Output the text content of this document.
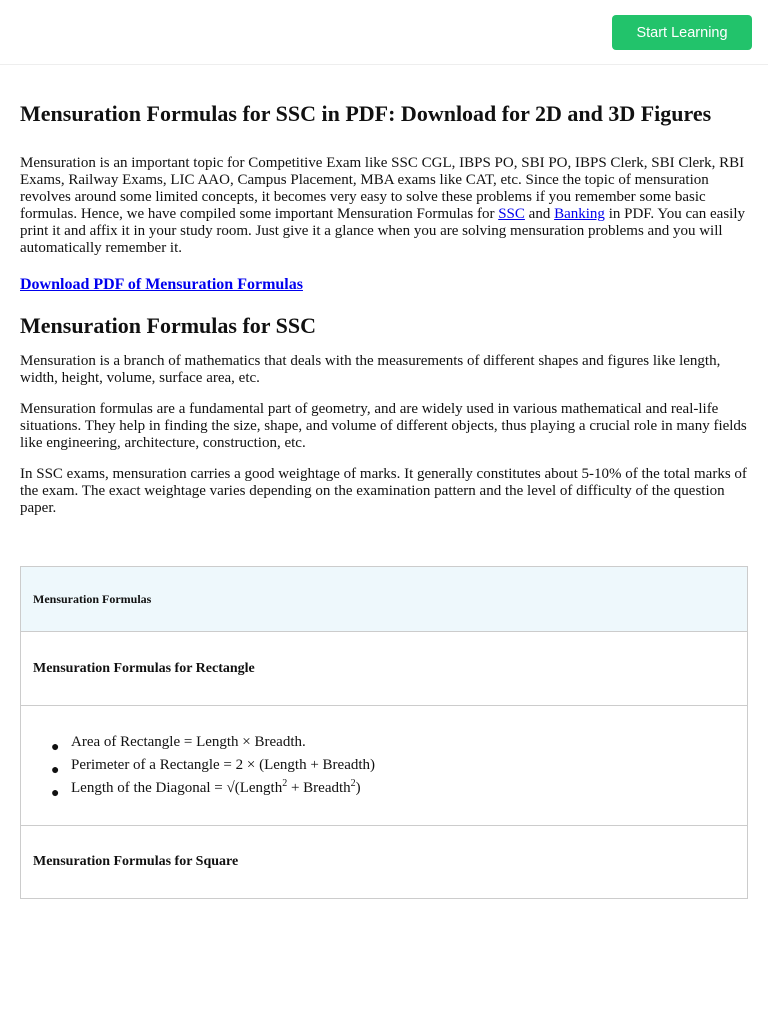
Start Learning
Mensuration Formulas for SSC in PDF: Download for 2D and 3D Figures

Mensuration is an important topic for Competitive Exam like SSC CGL, IBPS PO, SBI PO, IBPS Clerk, SBI Clerk, RBI Exams, Railway Exams, LIC AAO, Campus Placement, MBA exams like CAT, etc. Since the topic of mensuration revolves around some limited concepts, it becomes very easy to solve these problems if you remember some basic formulas. Hence, we have compiled some important Mensuration Formulas for SSC and Banking in PDF. You can easily print it and affix it in your study room. Just give it a glance when you are solving mensuration problems and you will automatically remember it.

Download PDF of Mensuration Formulas

Mensuration Formulas for SSC

Mensuration is a branch of mathematics that deals with the measurements of different shapes and figures like length, width, height, volume, surface area, etc.

Mensuration formulas are a fundamental part of geometry, and are widely used in various mathematical and real-life situations. They help in finding the size, shape, and volume of different objects, thus playing a crucial role in many fields like engineering, architecture, construction, etc.

In SSC exams, mensuration carries a good weightage of marks. It generally constitutes about 5-10% of the total marks of the exam. The exact weightage varies depending on the examination pattern and the level of difficulty of the question paper.

Mensuration Formulas
Mensuration Formulas for Rectangle
● Area of Rectangle = Length × Breadth.
● Perimeter of a Rectangle = 2 × (Length + Breadth)
● Length of the Diagonal = √(Length$^2$ + Breadth$^2$)
Mensuration Formulas for Square
